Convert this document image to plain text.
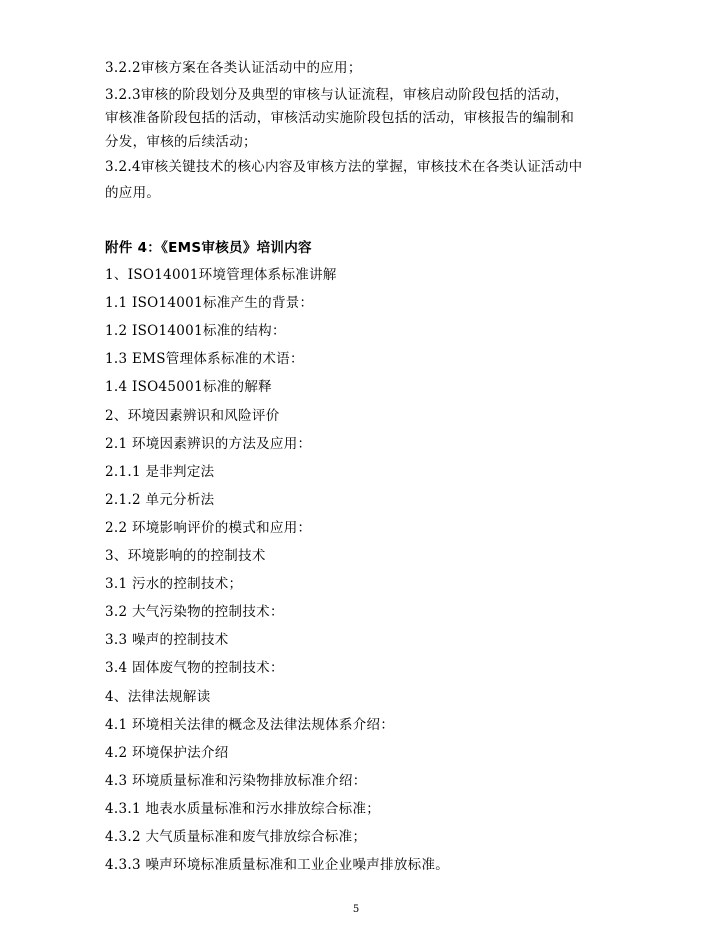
3.2.2审核方案在各类认证活动中的应用；
3.2.3审核的阶段划分及典型的审核与认证流程，审核启动阶段包括的活动，
审核准备阶段包括的活动，审核活动实施阶段包括的活动，审核报告的编制和
分发，审核的后续活动；
3.2.4审核关键技术的核心内容及审核方法的掌握，审核技术在各类认证活动中
的应用。
1、ISO14001环境管理体系标准讲解
1.1 ISO14001标准产生的背景：
1.2 ISO14001标准的结构：
1.3 EMS管理体系标准的术语：
1.4 ISO45001标准的解释
2、环境因素辨识和风险评价
2.1 环境因素辨识的方法及应用：
2.1.1 是非判定法
2.1.2 单元分析法
2.2 环境影响评价的模式和应用：
3、环境影响的的控制技术
3.1 污水的控制技术；
3.2 大气污染物的控制技术：
3.3 噪声的控制技术
3.4 固体废气物的控制技术：
4、法律法规解读
4.1 环境相关法律的概念及法律法规体系介绍：
4.2 环境保护法介绍
4.3 环境质量标准和污染物排放标准介绍：
4.3.1 地表水质量标准和污水排放综合标准；
4.3.2 大气质量标准和废气排放综合标准；
4.3.3 噪声环境标准质量标准和工业企业噪声排放标准。
附件 4：《EMS审核员》培训内容
5
